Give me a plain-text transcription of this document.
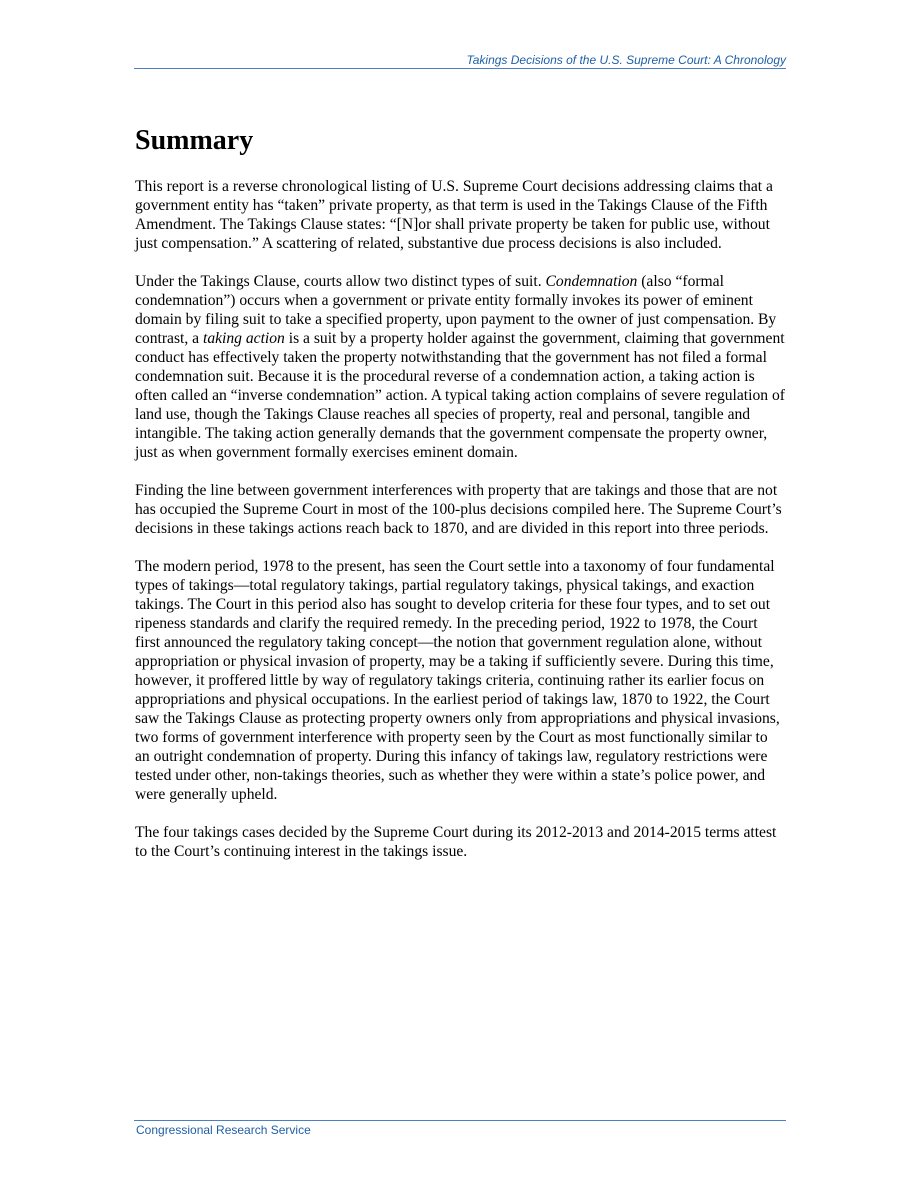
Takings Decisions of the U.S. Supreme Court: A Chronology
Summary

This report is a reverse chronological listing of U.S. Supreme Court decisions addressing claims that a government entity has “taken” private property, as that term is used in the Takings Clause of the Fifth Amendment. The Takings Clause states: “[N]or shall private property be taken for public use, without just compensation.” A scattering of related, substantive due process decisions is also included.

Under the Takings Clause, courts allow two distinct types of suit. Condemnation (also “formal condemnation”) occurs when a government or private entity formally invokes its power of eminent domain by filing suit to take a specified property, upon payment to the owner of just compensation. By contrast, a taking action is a suit by a property holder against the government, claiming that government conduct has effectively taken the property notwithstanding that the government has not filed a formal condemnation suit. Because it is the procedural reverse of a condemnation action, a taking action is often called an “inverse condemnation” action. A typical taking action complains of severe regulation of land use, though the Takings Clause reaches all species of property, real and personal, tangible and intangible. The taking action generally demands that the government compensate the property owner, just as when government formally exercises eminent domain.

Finding the line between government interferences with property that are takings and those that are not has occupied the Supreme Court in most of the 100-plus decisions compiled here. The Supreme Court’s decisions in these takings actions reach back to 1870, and are divided in this report into three periods.

The modern period, 1978 to the present, has seen the Court settle into a taxonomy of four fundamental types of takings—total regulatory takings, partial regulatory takings, physical takings, and exaction takings. The Court in this period also has sought to develop criteria for these four types, and to set out ripeness standards and clarify the required remedy. In the preceding period, 1922 to 1978, the Court first announced the regulatory taking concept—the notion that government regulation alone, without appropriation or physical invasion of property, may be a taking if sufficiently severe. During this time, however, it proffered little by way of regulatory takings criteria, continuing rather its earlier focus on appropriations and physical occupations. In the earliest period of takings law, 1870 to 1922, the Court saw the Takings Clause as protecting property owners only from appropriations and physical invasions, two forms of government interference with property seen by the Court as most functionally similar to an outright condemnation of property. During this infancy of takings law, regulatory restrictions were tested under other, non-takings theories, such as whether they were within a state’s police power, and were generally upheld.

The four takings cases decided by the Supreme Court during its 2012-2013 and 2014-2015 terms attest to the Court’s continuing interest in the takings issue.

Congressional Research Service
